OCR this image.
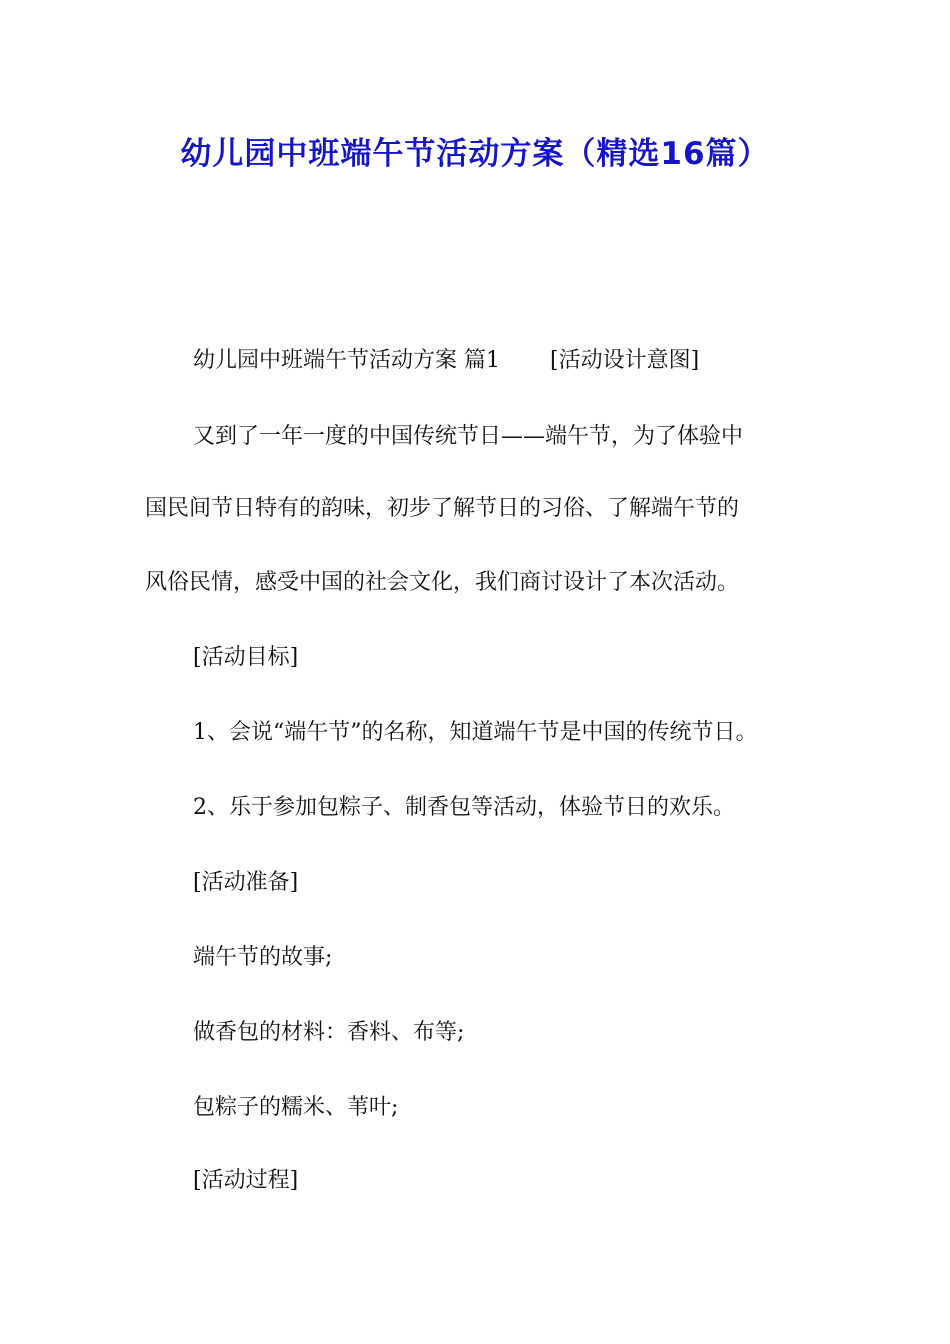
幼儿园中班端午节活动方案（精选16篇）

幼儿园中班端午节活动方案 篇1 [活动设计意图]

又到了一年一度的中国传统节日——端午节，为了体验中

国民间节日特有的韵味，初步了解节日的习俗、了解端午节的

风俗民情，感受中国的社会文化，我们商讨设计了本次活动。

[活动目标]

1、会说“端午节”的名称，知道端午节是中国的传统节日。

2、乐于参加包粽子、制香包等活动，体验节日的欢乐。

[活动准备]

端午节的故事;

做香包的材料：香料、布等;

包粽子的糯米、苇叶;

[活动过程]
